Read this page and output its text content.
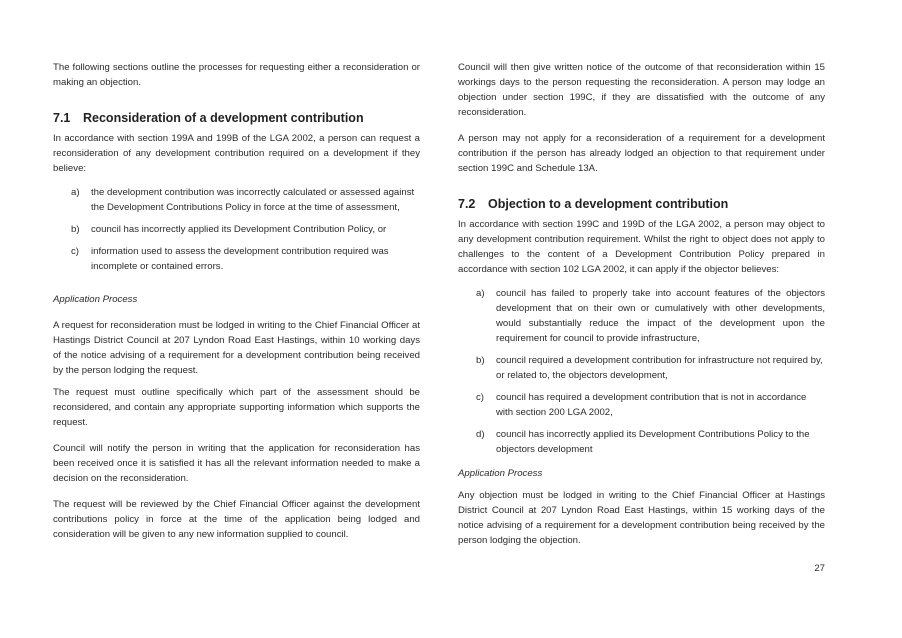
The following sections outline the processes for requesting either a reconsideration or making an objection.

7.1	Reconsideration of a development contribution

In accordance with section 199A and 199B of the LGA 2002, a person can request a reconsideration of any development contribution required on a development if they believe:

a)	the development contribution was incorrectly calculated or assessed against the Development Contributions Policy in force at the time of assessment,
b)	council has incorrectly applied its Development Contribution Policy, or
c)	information used to assess the development contribution required was incomplete or contained errors.

Application Process

A request for reconsideration must be lodged in writing to the Chief Financial Officer at Hastings District Council at 207 Lyndon Road East Hastings, within 10 working days of the notice advising of a requirement for a development contribution being received by the person lodging the request.

The request must outline specifically which part of the assessment should be reconsidered, and contain any appropriate supporting information which supports the request.

Council will notify the person in writing that the application for reconsideration has been received once it is satisfied it has all the relevant information needed to make a decision on the reconsideration.

The request will be reviewed by the Chief Financial Officer against the development contributions policy in force at the time of the application being lodged and consideration will be given to any new information supplied to council.

Council will then give written notice of the outcome of that reconsideration within 15 workings days to the person requesting the reconsideration. A person may lodge an objection under section 199C, if they are dissatisfied with the outcome of any reconsideration.

A person may not apply for a reconsideration of a requirement for a development contribution if the person has already lodged an objection to that requirement under section 199C and Schedule 13A.

7.2	Objection to a development contribution

In accordance with section 199C and 199D of the LGA 2002, a person may object to any development contribution requirement. Whilst the right to object does not apply to challenges to the content of a Development Contribution Policy prepared in accordance with section 102 LGA 2002, it can apply if the objector believes:

a)	council has failed to properly take into account features of the objectors development that on their own or cumulatively with other developments, would substantially reduce the impact of the development upon the requirement for council to provide infrastructure,
b)	council required a development contribution for infrastructure not required by, or related to, the objectors development,
c)	council has required a development contribution that is not in accordance with section 200 LGA 2002,
d)	council has incorrectly applied its Development Contributions Policy to the objectors development

Application Process

Any objection must be lodged in writing to the Chief Financial Officer at Hastings District Council at 207 Lyndon Road East Hastings, within 15 working days of the notice advising of a requirement for a development contribution being received by the person lodging the objection.

27
